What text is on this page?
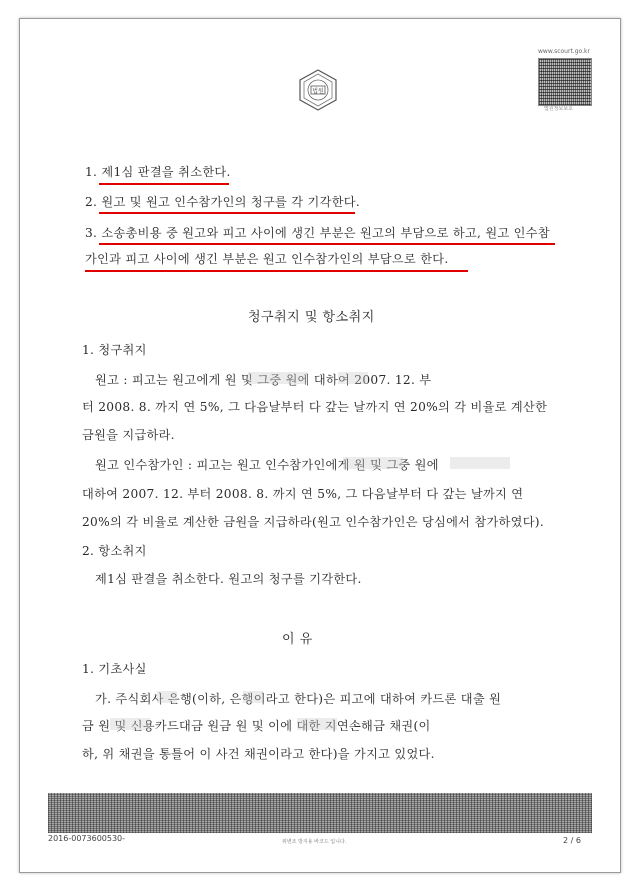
법원
www.scourt.go.kr
법원정보보호
1. 제1심 판결을 취소한다.
2. 원고 및 원고 인수참가인의 청구를 각 기각한다.
3. 소송총비용 중 원고와 피고 사이에 생긴 부분은 원고의 부담으로 하고, 원고 인수참
가인과 피고 사이에 생긴 부분은 원고 인수참가인의 부담으로 한다.
청구취지 및 항소취지
1. 청구취지
원고 : 피고는 원고에게 원 및 그중 원에 대하여 2007. 12. 부
터 2008. 8. 까지 연 5%, 그 다음날부터 다 갚는 날까지 연 20%의 각 비율로 계산한
금원을 지급하라.
원고 인수참가인 : 피고는 원고 인수참가인에게 원 및 그중 원에
대하여 2007. 12. 부터 2008. 8. 까지 연 5%, 그 다음날부터 다 갚는 날까지 연
20%의 각 비율로 계산한 금원을 지급하라(원고 인수참가인은 당심에서 참가하였다).
2. 항소취지
제1심 판결을 취소한다. 원고의 청구를 기각한다.
이 유
1. 기초사실
가. 주식회사 은행(이하, 은행이라고 한다)은 피고에 대하여 카드론 대출 원
금 원 및 신용카드대금 원금 원 및 이에 대한 지연손해금 채권(이
하, 위 채권을 통틀어 이 사건 채권이라고 한다)을 가지고 있었다.
2016-0073600530-	위변조 방지용 바코드 입니다.	2 / 6
